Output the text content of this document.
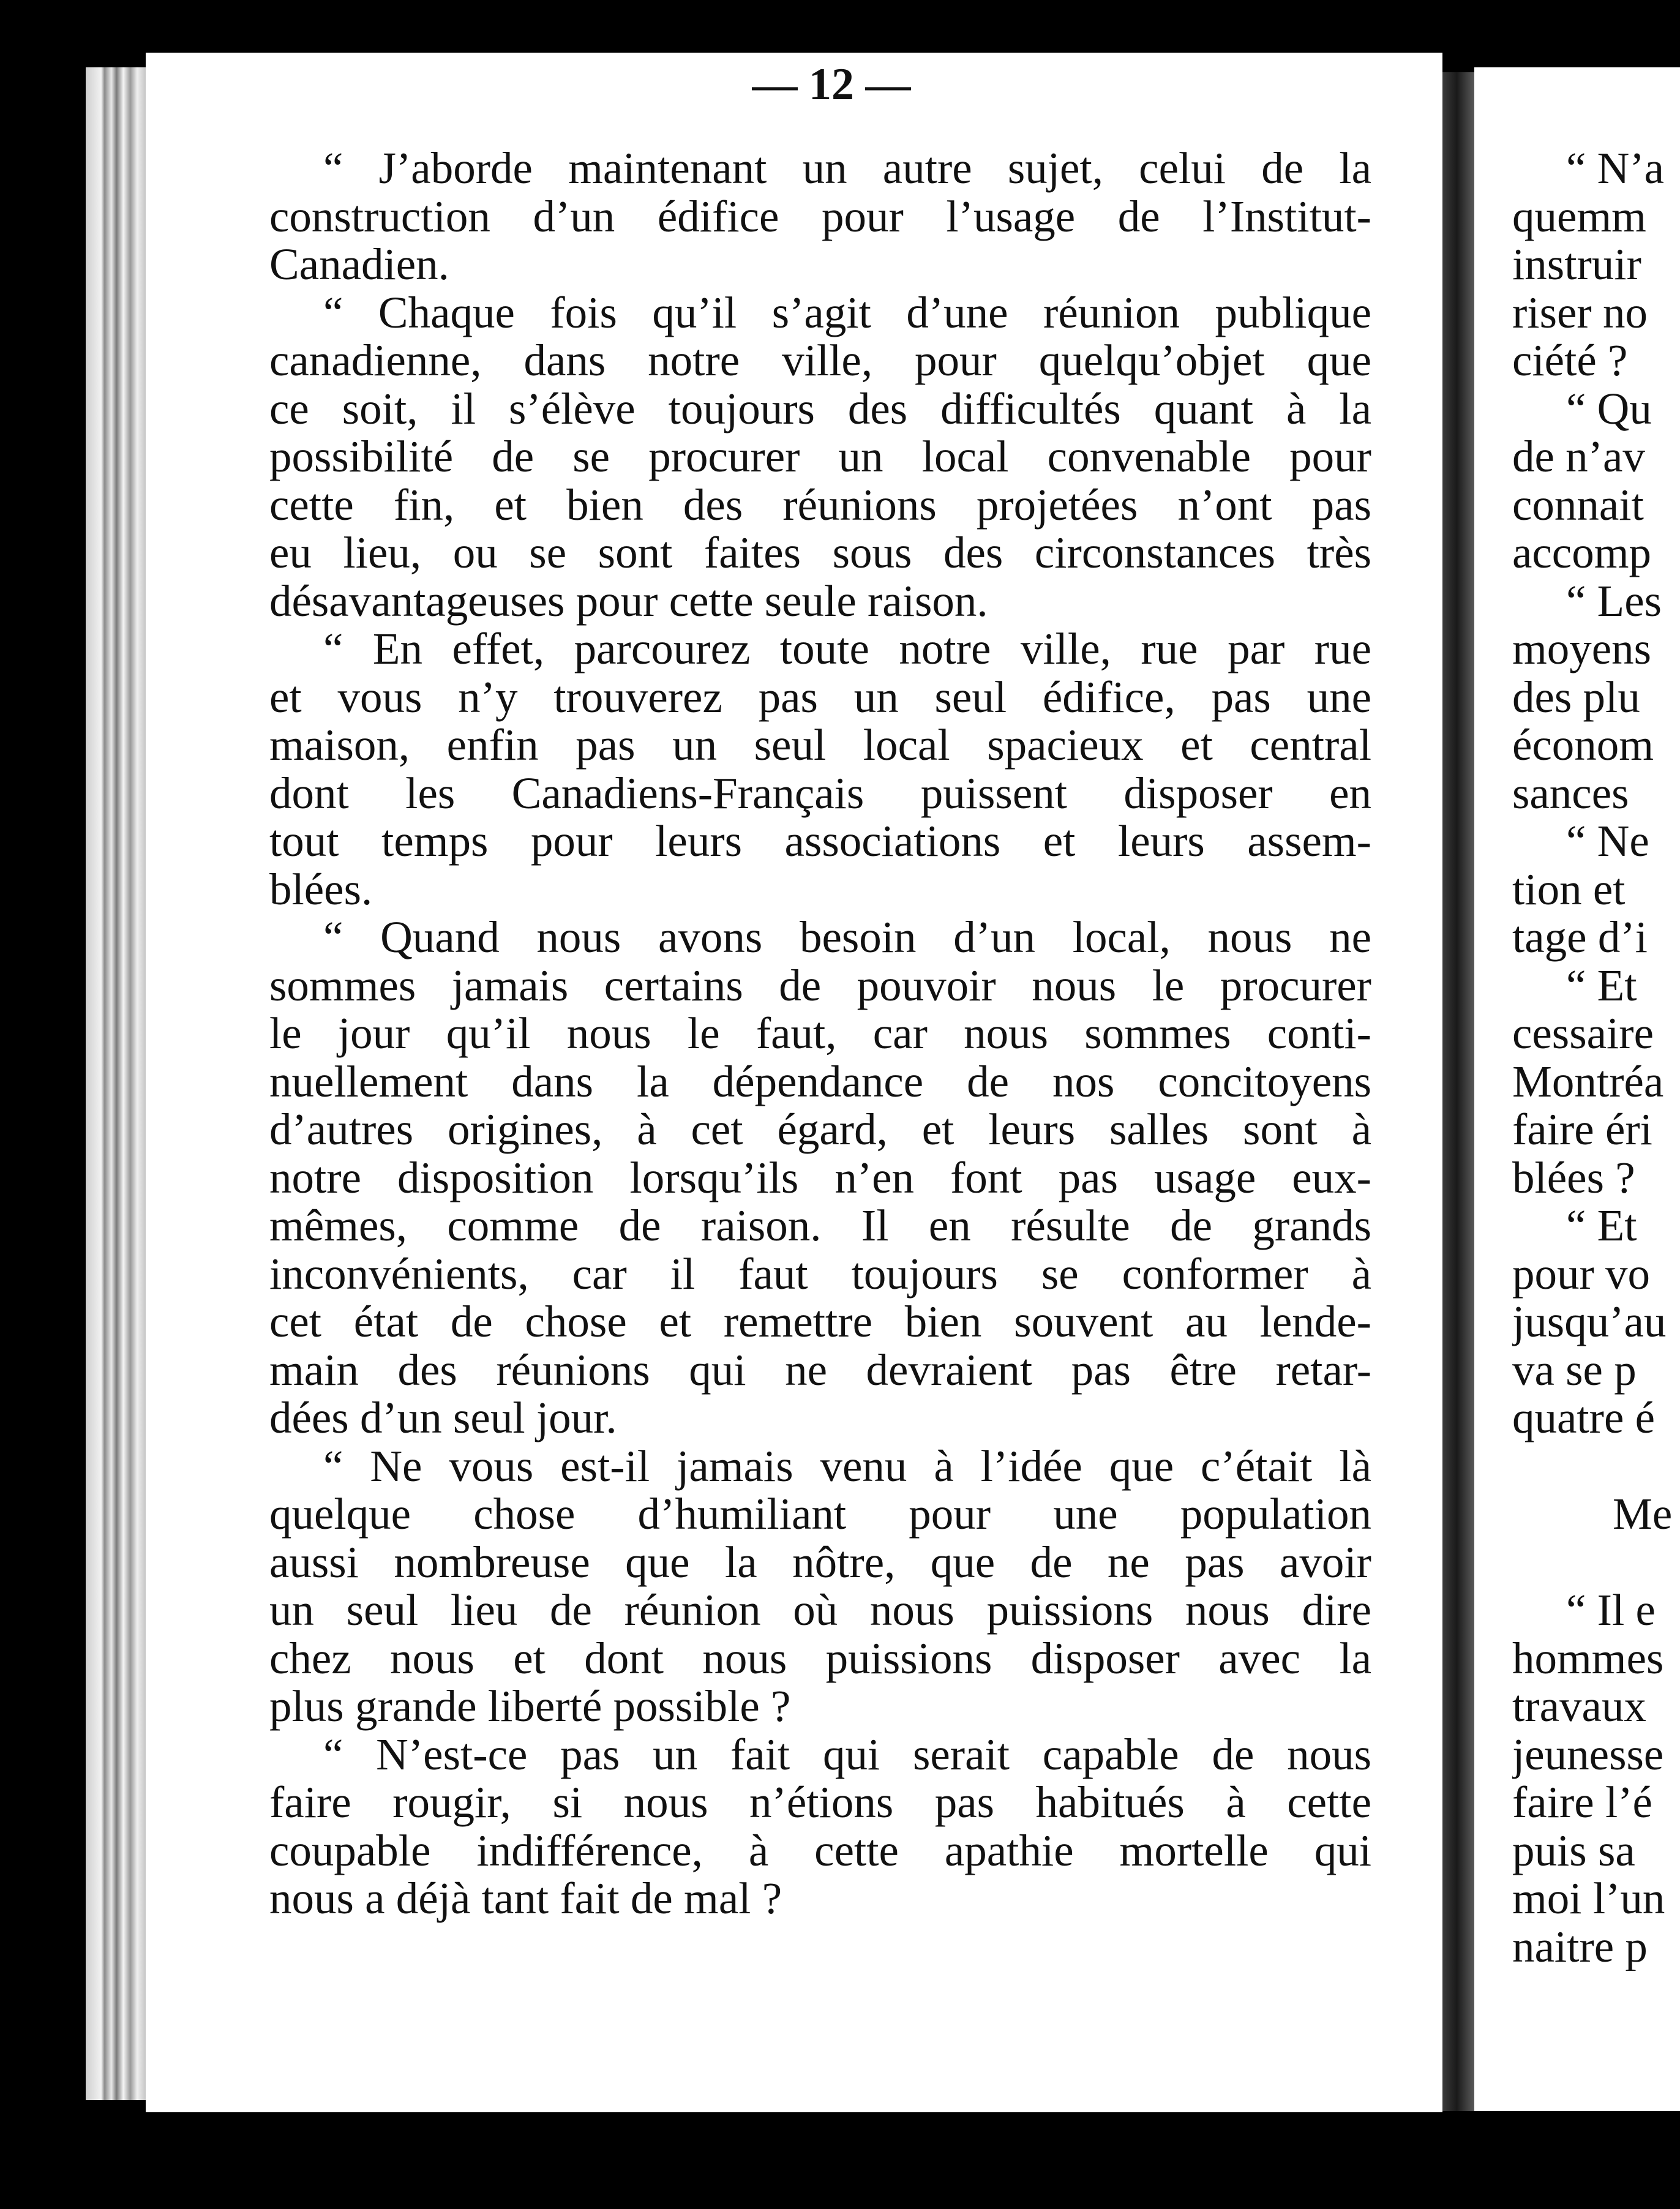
— 12 —
“ J’aborde maintenant un autre sujet, celui de la
construction d’un édifice pour l’usage de l’Institut-
Canadien.
“ Chaque fois qu’il s’agit d’une réunion publique
canadienne, dans notre ville, pour quelqu’objet que
ce soit, il s’élève toujours des difficultés quant à la
possibilité de se procurer un local convenable pour
cette fin, et bien des réunions projetées n’ont pas
eu lieu, ou se sont faites sous des circonstances très
désavantageuses pour cette seule raison.
“ En effet, parcourez toute notre ville, rue par rue
et vous n’y trouverez pas un seul édifice, pas une
maison, enfin pas un seul local spacieux et central
dont les Canadiens-Français puissent disposer en
tout temps pour leurs associations et leurs assem-
blées.
“ Quand nous avons besoin d’un local, nous ne
sommes jamais certains de pouvoir nous le procurer
le jour qu’il nous le faut, car nous sommes conti-
nuellement dans la dépendance de nos concitoyens
d’autres origines, à cet égard, et leurs salles sont à
notre disposition lorsqu’ils n’en font pas usage eux-
mêmes, comme de raison. Il en résulte de grands
inconvénients, car il faut toujours se conformer à
cet état de chose et remettre bien souvent au lende-
main des réunions qui ne devraient pas être retar-
dées d’un seul jour.
“ Ne vous est-il jamais venu à l’idée que c’était là
quelque chose d’humiliant pour une population
aussi nombreuse que la nôtre, que de ne pas avoir
un seul lieu de réunion où nous puissions nous dire
chez nous et dont nous puissions disposer avec la
plus grande liberté possible ?
“ N’est-ce pas un fait qui serait capable de nous
faire rougir, si nous n’étions pas habitués à cette
coupable indifférence, à cette apathie mortelle qui
nous a déjà tant fait de mal ?
“ N’a
quemm
instruir
riser no
ciété ?
“ Qu
de n’av
connait
accomp
“ Les
moyens
des plu
économ
sances
“ Ne
tion et
tage d’i
“ Et
cessaire
Montréa
faire éri
blées ?
“ Et
pour vo
jusqu’au
va se p
quatre é
Me
“ Il e
hommes
travaux
jeunesse
faire l’é
puis sa
moi l’un
naitre p
